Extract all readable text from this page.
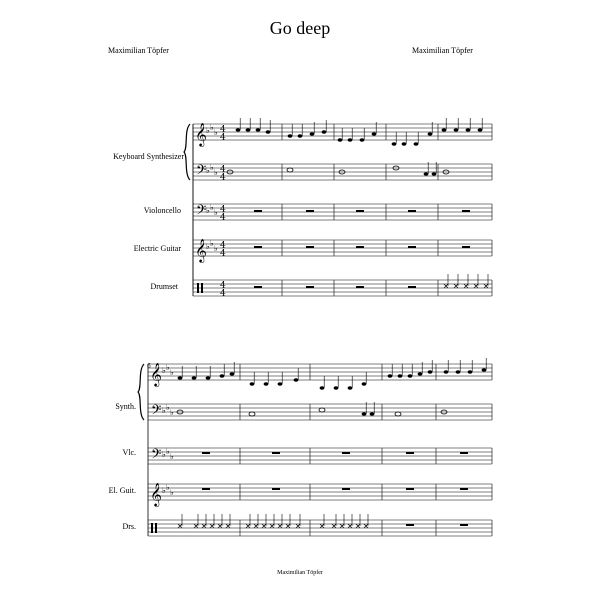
Go deep
Maximilian Töpfer	Maximilian Töpfer
Keyboard Synthesizer
Violoncello
Electric Guitar
Drumset
Synth.
Vlc.
El. Guit.
Drs.
Maximilian Töpfer
𝄞
𝄢
𝄢
𝄞
4
4
4
4
4
4
4
4
4
4
♭ ♭
♭
♭ ♭
♭
♭ ♭
♭
♭ ♭
♭
𝄞
𝄢
𝄢
𝄞
♭ ♭
♭
♭ ♭
♭
♭ ♭
♭
♭ ♭
♭
6
